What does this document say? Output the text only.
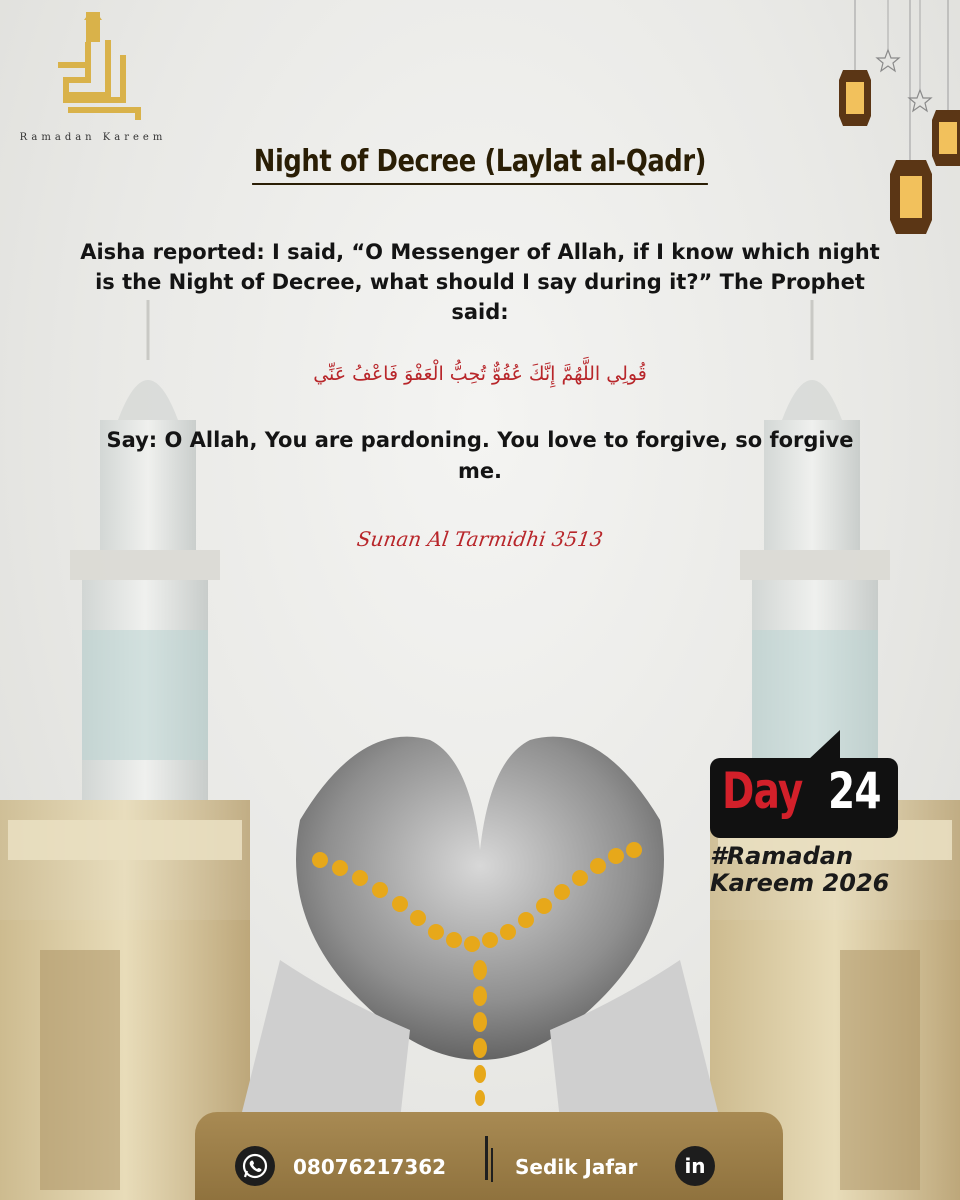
Ramadan Kareem
Night of Decree (Laylat al-Qadr)
Aisha reported: I said, “O Messenger of Allah, if I know which night is the Night of Decree, what should I say during it?” The Prophet said:
قُولِي اللَّهُمَّ إِنَّكَ عُفُوٌّ تُحِبُّ الْعَفْوَ فَاعْفُ عَنِّي
Say: O Allah, You are pardoning. You love to forgive, so forgive me.
Sunan Al Tarmidhi 3513
Day 24
#Ramadan
Kareem 2026
08076217362	Sedik Jafar	in
